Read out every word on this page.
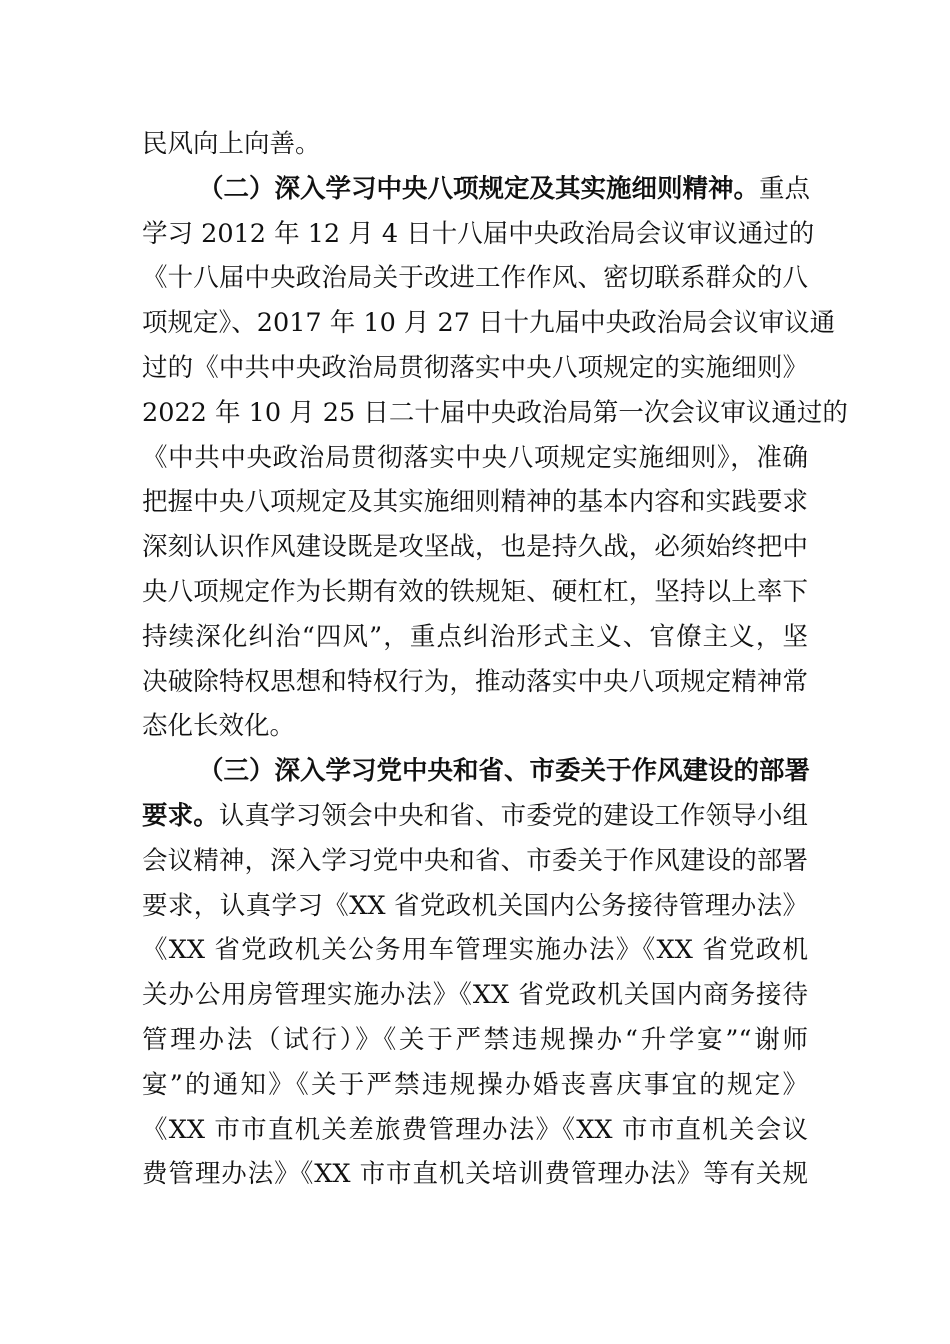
民风向上向善。
（二）深入学习中央八项规定及其实施细则精神。重点
学习 2012 年 12 月 4 日十八届中央政治局会议审议通过的
《十八届中央政治局关于改进工作作风、密切联系群众的八
项规定》、2017 年 10 月 27 日十九届中央政治局会议审议通
过的《中共中央政治局贯彻落实中央八项规定的实施细则》
2022 年 10 月 25 日二十届中央政治局第一次会议审议通过的
《中共中央政治局贯彻落实中央八项规定实施细则》，准确
把握中央八项规定及其实施细则精神的基本内容和实践要求
深刻认识作风建设既是攻坚战，也是持久战，必须始终把中
央八项规定作为长期有效的铁规矩、硬杠杠，坚持以上率下
持续深化纠治“四风”，重点纠治形式主义、官僚主义，坚
决破除特权思想和特权行为，推动落实中央八项规定精神常
态化长效化。
（三）深入学习党中央和省、市委关于作风建设的部署
要求。认真学习领会中央和省、市委党的建设工作领导小组
会议精神，深入学习党中央和省、市委关于作风建设的部署
要求，认真学习《XX 省党政机关国内公务接待管理办法》
《XX 省党政机关公务用车管理实施办法》《XX 省党政机
关办公用房管理实施办法》《XX 省党政机关国内商务接待
管理办法（试行）》《关于严禁违规操办“升学宴”“谢师
宴”的通知》《关于严禁违规操办婚丧喜庆事宜的规定》
《XX 市市直机关差旅费管理办法》《XX 市市直机关会议
费管理办法》《XX 市市直机关培训费管理办法》等有关规
